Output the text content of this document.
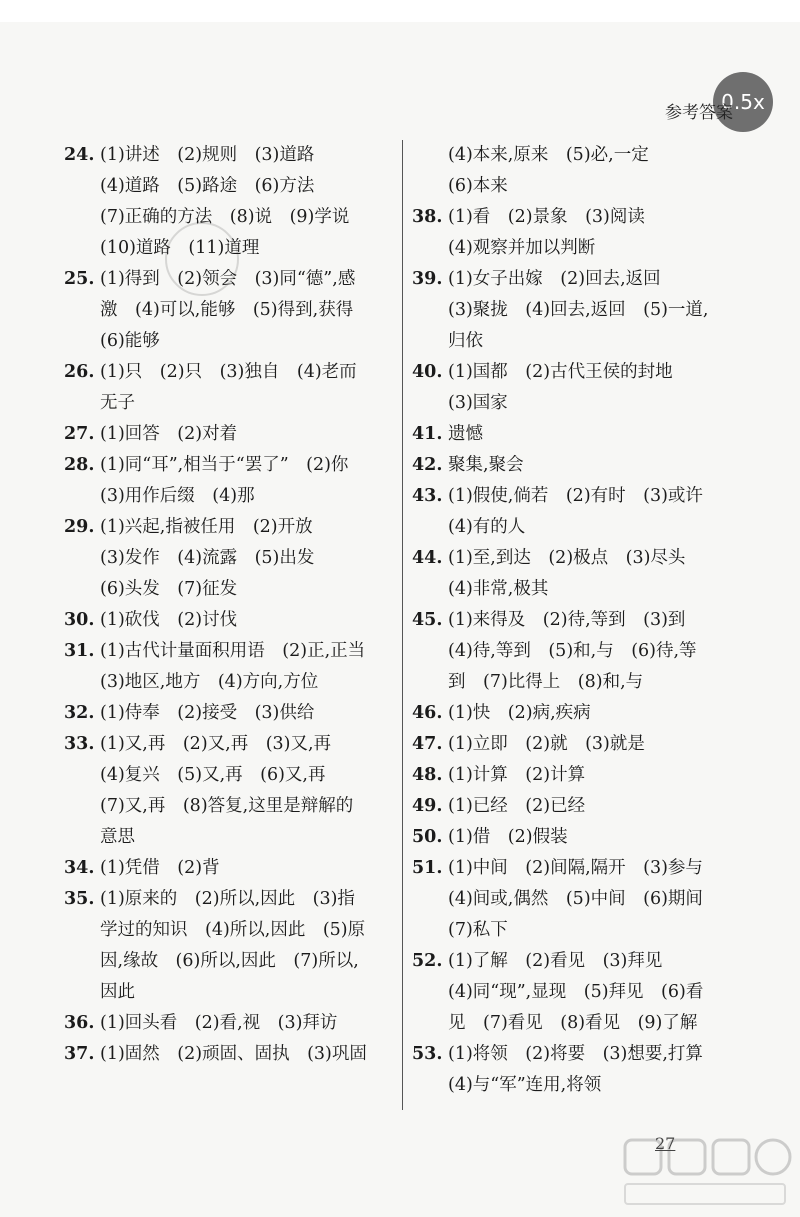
0.5x
参考答案
24. (1)讲述　(2)规则　(3)道路
(4)道路　(5)路途　(6)方法
(7)正确的方法　(8)说　(9)学说
(10)道路　(11)道理
25. (1)得到　(2)领会　(3)同“德”,感
激　(4)可以,能够　(5)得到,获得
(6)能够
26. (1)只　(2)只　(3)独自　(4)老而
无子
27. (1)回答　(2)对着
28. (1)同“耳”,相当于“罢了”　(2)你
(3)用作后缀　(4)那
29. (1)兴起,指被任用　(2)开放
(3)发作　(4)流露　(5)出发
(6)头发　(7)征发
30. (1)砍伐　(2)讨伐
31. (1)古代计量面积用语　(2)正,正当
(3)地区,地方　(4)方向,方位
32. (1)侍奉　(2)接受　(3)供给
33. (1)又,再　(2)又,再　(3)又,再
(4)复兴　(5)又,再　(6)又,再
(7)又,再　(8)答复,这里是辩解的
意思
34. (1)凭借　(2)背
35. (1)原来的　(2)所以,因此　(3)指
学过的知识　(4)所以,因此　(5)原
因,缘故　(6)所以,因此　(7)所以,
因此
36. (1)回头看　(2)看,视　(3)拜访
37. (1)固然　(2)顽固、固执　(3)巩固
(4)本来,原来　(5)必,一定
(6)本来
38. (1)看　(2)景象　(3)阅读
(4)观察并加以判断
39. (1)女子出嫁　(2)回去,返回
(3)聚拢　(4)回去,返回　(5)一道,
归依
40. (1)国都　(2)古代王侯的封地
(3)国家
41. 遗憾
42. 聚集,聚会
43. (1)假使,倘若　(2)有时　(3)或许
(4)有的人
44. (1)至,到达　(2)极点　(3)尽头
(4)非常,极其
45. (1)来得及　(2)待,等到　(3)到
(4)待,等到　(5)和,与　(6)待,等
到　(7)比得上　(8)和,与
46. (1)快　(2)病,疾病
47. (1)立即　(2)就　(3)就是
48. (1)计算　(2)计算
49. (1)已经　(2)已经
50. (1)借　(2)假装
51. (1)中间　(2)间隔,隔开　(3)参与
(4)间或,偶然　(5)中间　(6)期间
(7)私下
52. (1)了解　(2)看见　(3)拜见
(4)同“现”,显现　(5)拜见　(6)看
见　(7)看见　(8)看见　(9)了解
53. (1)将领　(2)将要　(3)想要,打算
(4)与“军”连用,将领
27
